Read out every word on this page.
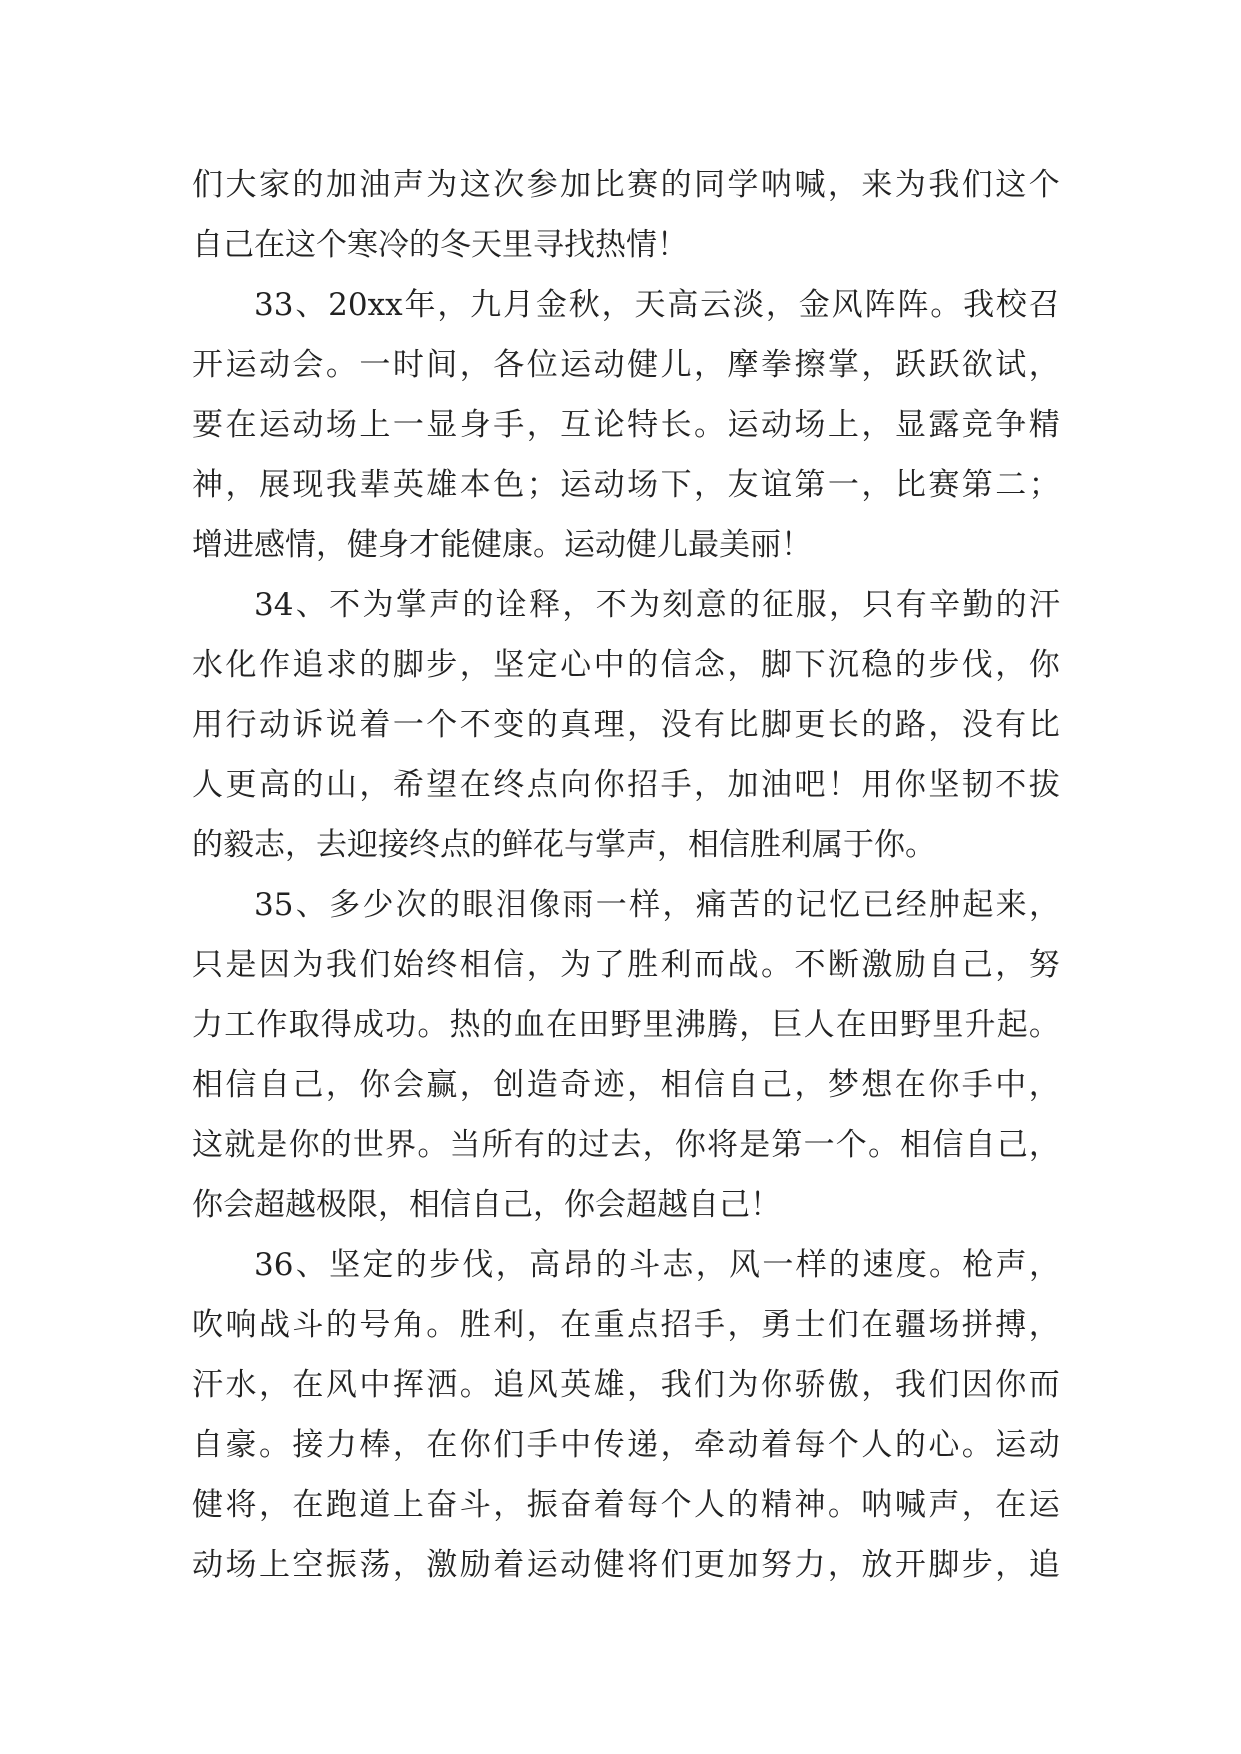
们 大 家 的 加 油 声 为 这 次 参 加 比 赛 的 同 学 呐 喊 ， 来 为 我 们 这 个
自己在这个寒冷的冬天里寻找热情！
33 、 20xx 年 ， 九 月 金 秋 ， 天 高 云 淡 ， 金 风 阵 阵 。 我 校 召
开 运 动 会 。 一 时 间 ， 各 位 运 动 健 儿 ， 摩 拳 擦 掌 ， 跃 跃 欲 试 ，
要 在 运 动 场 上 一 显 身 手 ， 互 论 特 长 。 运 动 场 上 ， 显 露 竞 争 精
神 ， 展 现 我 辈 英 雄 本 色 ； 运 动 场 下 ， 友 谊 第 一 ， 比 赛 第 二 ；
增进感情，健身才能健康。运动健儿最美丽！
34 、 不 为 掌 声 的 诠 释 ， 不 为 刻 意 的 征 服 ， 只 有 辛 勤 的 汗
水 化 作 追 求 的 脚 步 ， 坚 定 心 中 的 信 念 ， 脚 下 沉 稳 的 步 伐 ， 你
用 行 动 诉 说 着 一 个 不 变 的 真 理 ， 没 有 比 脚 更 长 的 路 ， 没 有 比
人 更 高 的 山 ， 希 望 在 终 点 向 你 招 手 ， 加 油 吧 ！ 用 你 坚 韧 不 拔
的毅志，去迎接终点的鲜花与掌声，相信胜利属于你。
35 、 多 少 次 的 眼 泪 像 雨 一 样 ， 痛 苦 的 记 忆 已 经 肿 起 来 ，
只 是 因 为 我 们 始 终 相 信 ， 为 了 胜 利 而 战 。 不 断 激 励 自 己 ， 努
力 工 作 取 得 成 功 。 热 的 血 在 田 野 里 沸 腾 ， 巨 人 在 田 野 里 升 起 。
相 信 自 己 ， 你 会 赢 ， 创 造 奇 迹 ， 相 信 自 己 ， 梦 想 在 你 手 中 ，
这 就 是 你 的 世 界 。 当 所 有 的 过 去 ， 你 将 是 第 一 个 。 相 信 自 己 ，
你会超越极限，相信自己，你会超越自己！
36 、 坚 定 的 步 伐 ， 高 昂 的 斗 志 ， 风 一 样 的 速 度 。 枪 声 ，
吹 响 战 斗 的 号 角 。 胜 利 ， 在 重 点 招 手 ， 勇 士 们 在 疆 场 拼 搏 ，
汗 水 ， 在 风 中 挥 洒 。 追 风 英 雄 ， 我 们 为 你 骄 傲 ， 我 们 因 你 而
自 豪 。 接 力 棒 ， 在 你 们 手 中 传 递 ， 牵 动 着 每 个 人 的 心 。 运 动
健 将 ， 在 跑 道 上 奋 斗 ， 振 奋 着 每 个 人 的 精 神 。 呐 喊 声 ， 在 运
动 场 上 空 振 荡 ， 激 励 着 运 动 健 将 们 更 加 努 力 ， 放 开 脚 步 ， 追
